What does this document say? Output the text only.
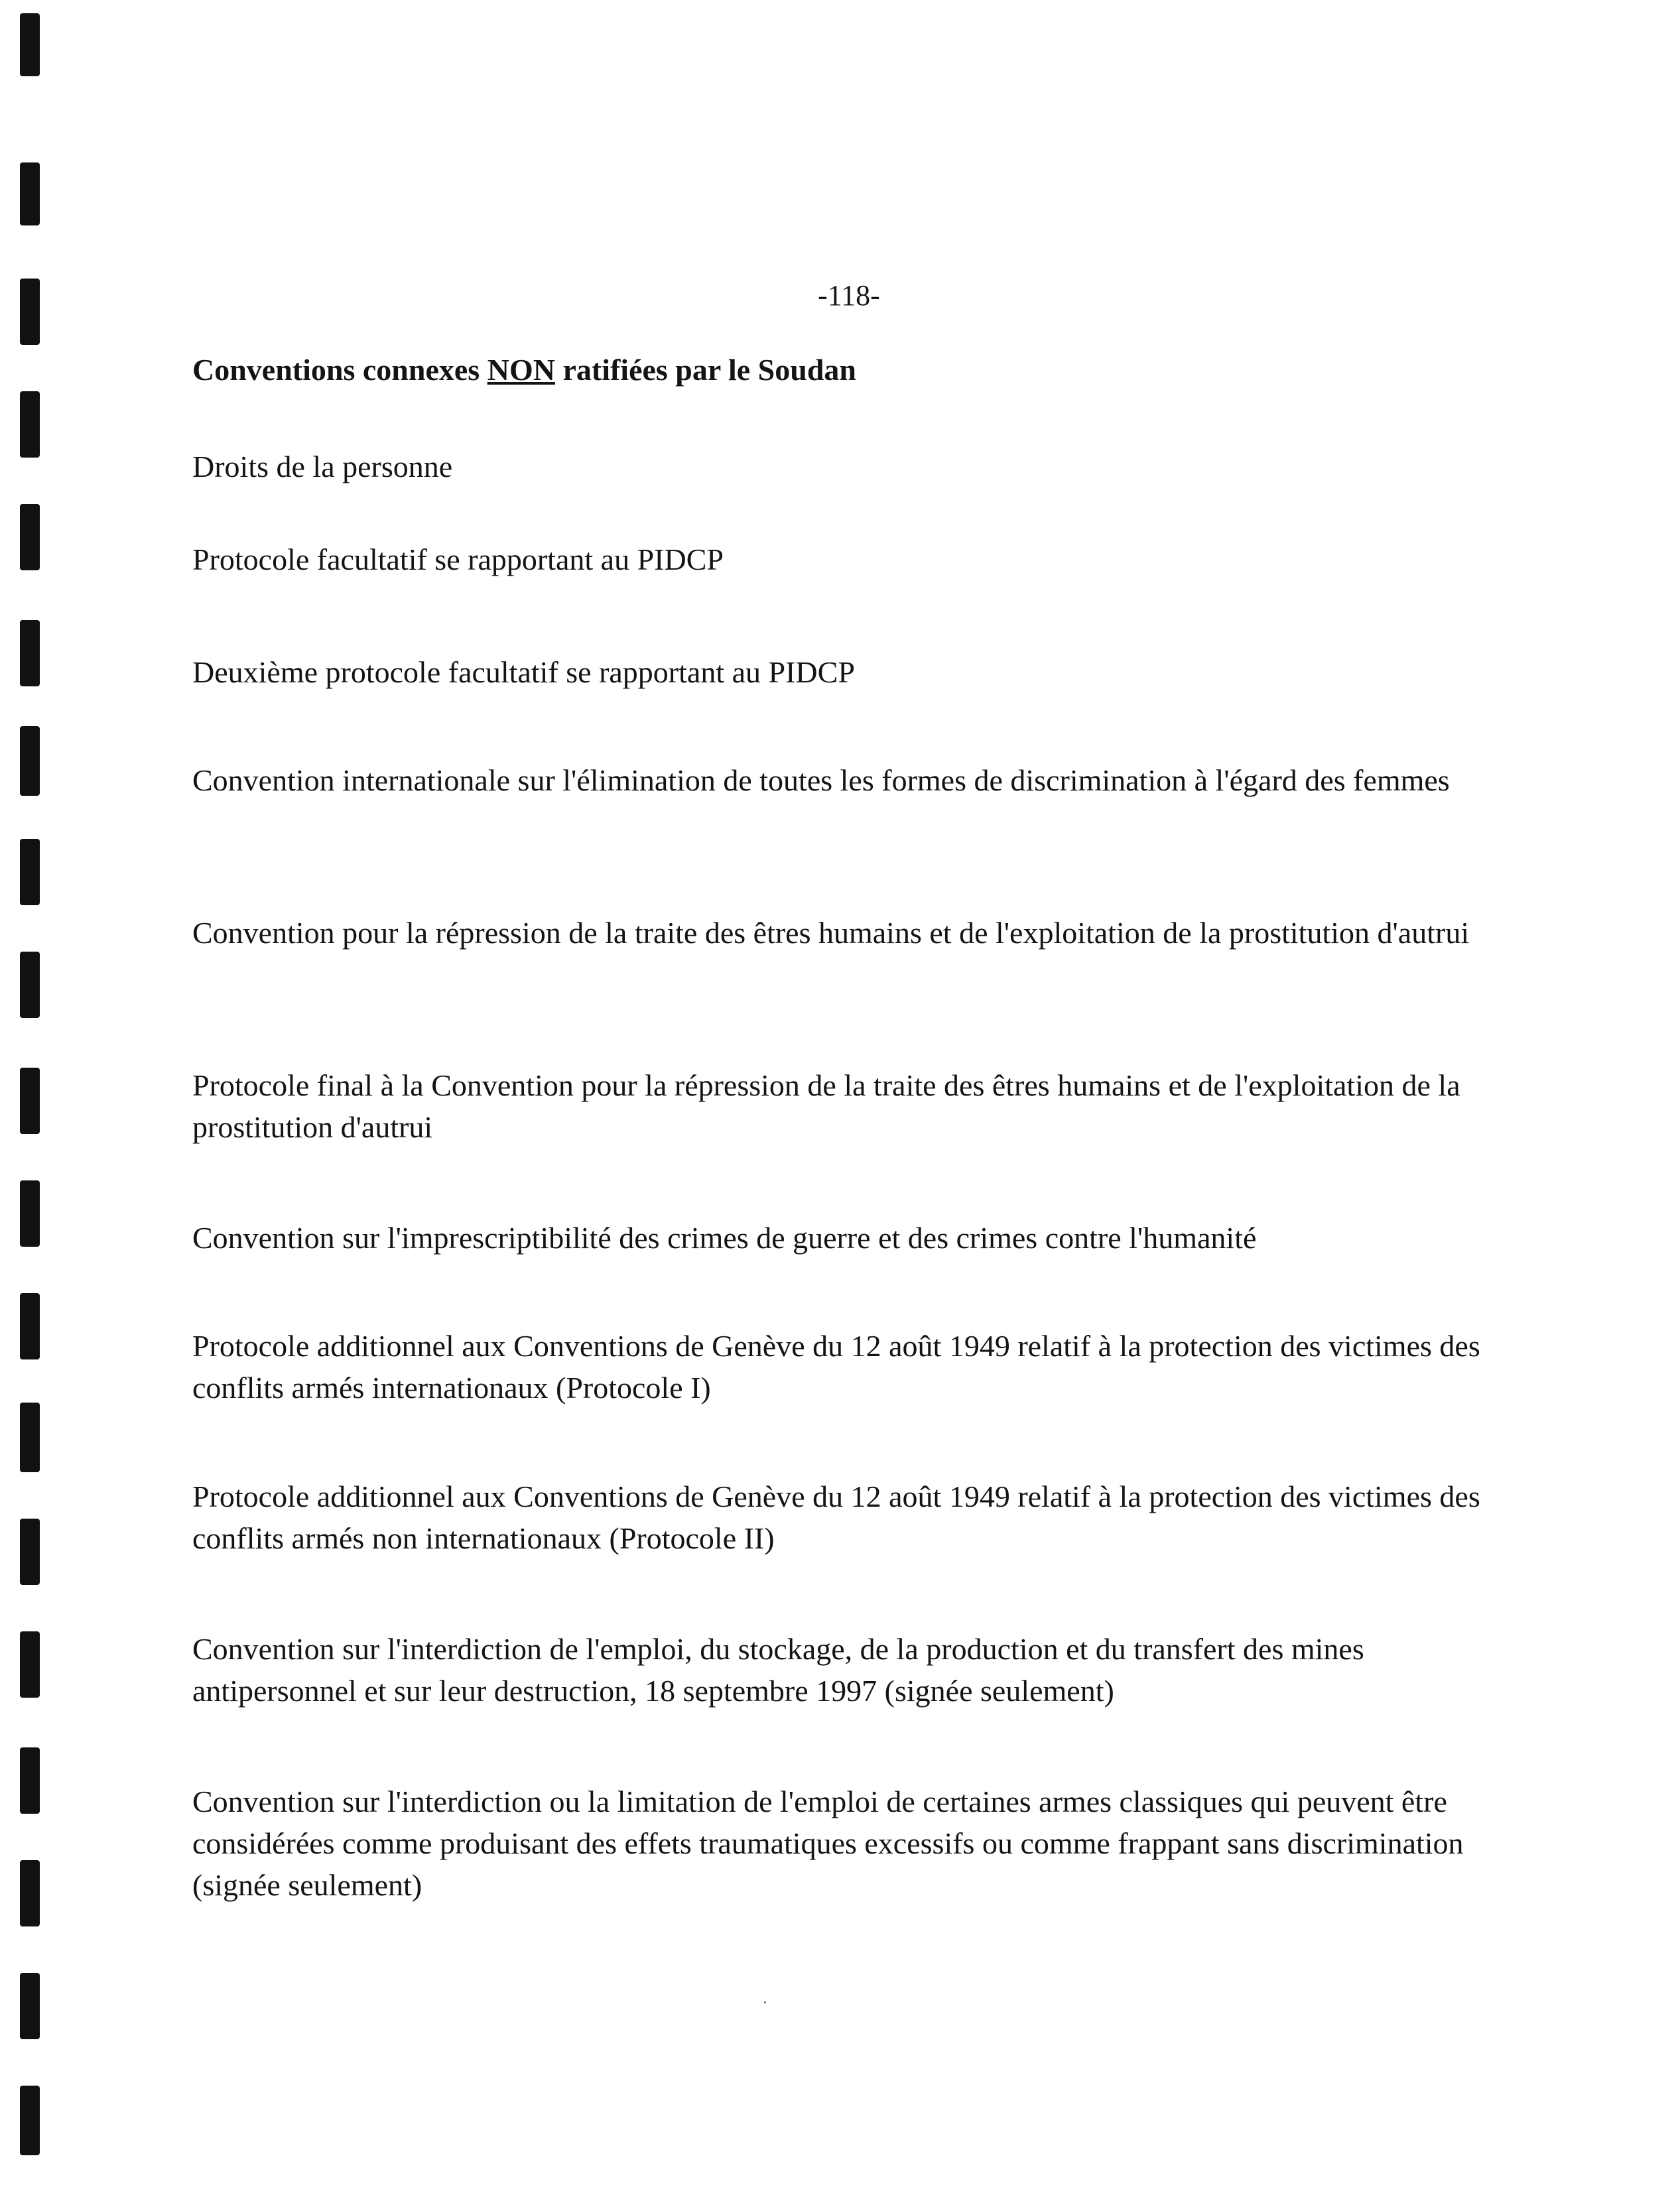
-118-
Conventions connexes NON ratifiées par le Soudan
Droits de la personne
Protocole facultatif se rapportant au PIDCP
Deuxième protocole facultatif se rapportant au PIDCP
Convention internationale sur l'élimination de toutes les formes de discrimination à l'égard des femmes
Convention pour la répression de la traite des êtres humains et de l'exploitation de la prostitution d'autrui
Protocole final à la Convention pour la répression de la traite des êtres humains et de l'exploitation de la prostitution d'autrui
Convention sur l'imprescriptibilité des crimes de guerre et des crimes contre l'humanité
Protocole additionnel aux Conventions de Genève du 12 août 1949 relatif à la protection des victimes des conflits armés internationaux (Protocole I)
Protocole additionnel aux Conventions de Genève du 12 août 1949 relatif à la protection des victimes des conflits armés non internationaux (Protocole II)
Convention sur l'interdiction de l'emploi, du stockage, de la production et du transfert des mines antipersonnel et sur leur destruction, 18 septembre 1997 (signée seulement)
Convention sur l'interdiction ou la limitation de l'emploi de certaines armes classiques qui peuvent être considérées comme produisant des effets traumatiques excessifs ou comme frappant sans discrimination (signée seulement)
